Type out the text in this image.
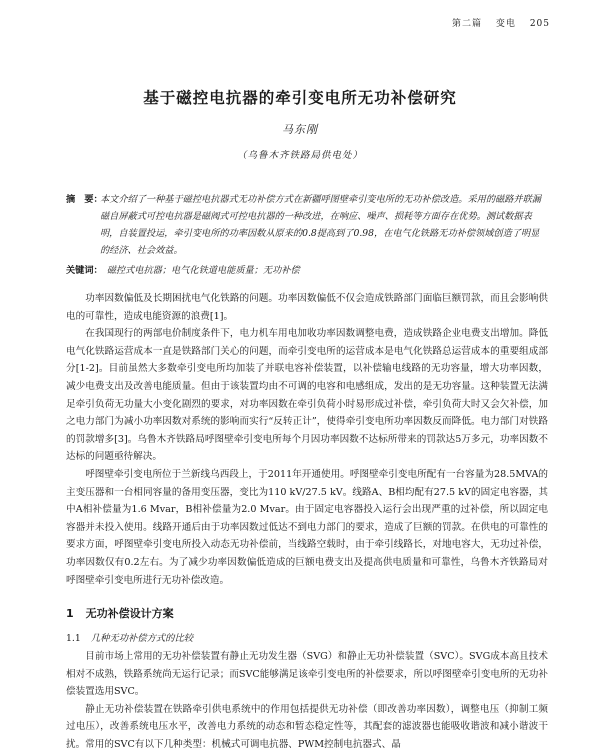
第二篇 变电 205
基于磁控电抗器的牵引变电所无功补偿研究
马东刚
（乌鲁木齐铁路局供电处）
摘　要：
本文介绍了一种基于磁控电抗器式无功补偿方式在新疆呼图壁牵引变电所的无功补偿改造。采用的磁路并联漏磁自屏蔽式可控电抗器是磁阀式可控电抗器的一种改进，在响应、噪声、损耗等方面存在优势。测试数据表明，自装置投运，牵引变电所的功率因数从原来的0.8提高到了0.98，在电气化铁路无功补偿领域创造了明显的经济、社会效益。
关键词： 磁控式电抗器；电气化铁道电能质量；无功补偿

功率因数偏低及长期困扰电气化铁路的问题。功率因数偏低不仅会造成铁路部门面临巨额罚款，而且会影响供电的可靠性，造成电能资源的浪费[1]。

在我国现行的两部电价制度条件下，电力机车用电加收功率因数调整电费，造成铁路企业电费支出增加。降低电气化铁路运营成本一直是铁路部门关心的问题，而牵引变电所的运营成本是电气化铁路总运营成本的重要组成部分[1-2]。目前虽然大多数牵引变电所均加装了并联电容补偿装置，以补偿输电线路的无功容量，增大功率因数，减少电费支出及改善电能质量。但由于该装置均由不可调的电容和电感组成，发出的是无功容量。这种装置无法满足牵引负荷无功量大小变化剧烈的要求，对功率因数在牵引负荷小时易形成过补偿，牵引负荷大时又会欠补偿，加之电力部门为减小功率因数对系统的影响而实行“反转正计”，使得牵引变电所功率因数反而降低。电力部门对铁路的罚款增多[3]。乌鲁木齐铁路局呼图壁牵引变电所每个月因功率因数不达标所带来的罚款达5万多元，功率因数不达标的问题亟待解决。

呼图壁牵引变电所位于兰新线乌西段上，于2011年开通使用。呼图壁牵引变电所配有一台容量为28.5MVA的主变压器和一台相同容量的备用变压器，变比为110 kV/27.5 kV。线路A、B相均配有27.5 kV的固定电容器，其中A相补偿量为1.6 Mvar，B相补偿量为2.0 Mvar。由于固定电容器投入运行会出现严重的过补偿，所以固定电容器并未投入使用。线路开通后由于功率因数过低达不到电力部门的要求，造成了巨额的罚款。在供电的可靠性的要求方面，呼图壁牵引变电所投入动态无功补偿前，当线路空载时，由于牵引线路长，对地电容大，无功过补偿，功率因数仅有0.2左右。为了减少功率因数偏低造成的巨额电费支出及提高供电质量和可靠性，乌鲁木齐铁路局对呼图壁牵引变电所进行无功补偿改造。

1 无功补偿设计方案
1.1 几种无功补偿方式的比较

目前市场上常用的无功补偿装置有静止无功发生器（SVG）和静止无功补偿装置（SVC）。SVG成本高且技术相对不成熟，铁路系统尚无运行记录；而SVC能够满足该牵引变电所的补偿要求，所以呼图壁牵引变电所的无功补偿装置选用SVC。

静止无功补偿装置在铁路牵引供电系统中的作用包括提供无功补偿（即改善功率因数），调整电压（抑制工频过电压），改善系统电压水平，改善电力系统的动态和暂态稳定性等，其配套的滤波器也能吸收谐波和减小谐波干扰。常用的SVC有以下几种类型：机械式可调电抗器、PWM控制电抗器式、晶
